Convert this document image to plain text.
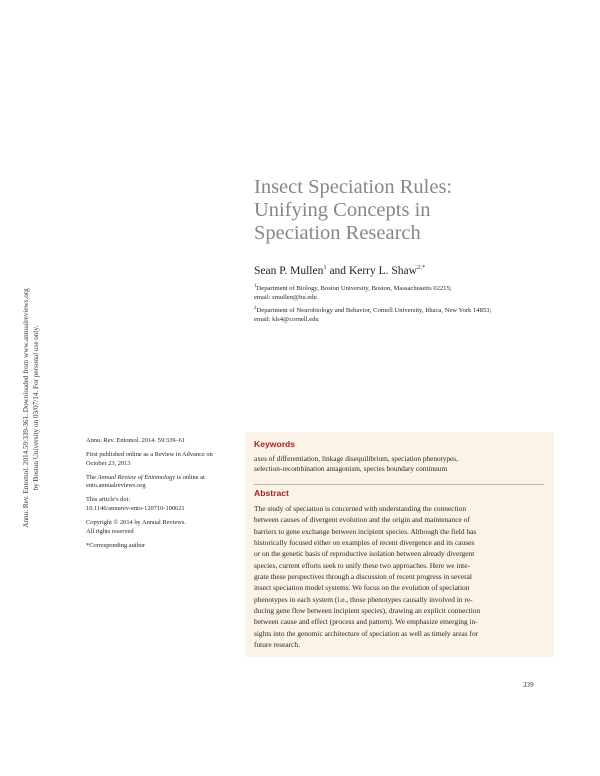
Annu. Rev. Entomol. 2014.59:339-361. Downloaded from www.annualreviews.org by Boston University on 03/07/14. For personal use only.
Insect Speciation Rules:
Unifying Concepts in
Speciation Research
Sean P. Mullen$^1$ and Kerry L. Shaw$^{2,*}$
$^1$Department of Biology, Boston University, Boston, Massachusetts 02215;
email: smullen@bu.edu
$^2$Department of Neurobiology and Behavior, Cornell University, Ithaca, New York 14853;
email: kls4@cornell.edu

Annu. Rev. Entomol. 2014. 59:339–61

First published online as a Review in Advance on
October 23, 2013

The Annual Review of Entomology is online at
ento.annualreviews.org

This article's doi:
10.1146/annurev-ento-120710-100621

Copyright © 2014 by Annual Reviews.
All rights reserved

*Corresponding author

Keywords
axes of differentiation, linkage disequilibrium, speciation phenotypes,
selection-recombination antagonism, species boundary continuum
Abstract
The study of speciation is concerned with understanding the connection
between causes of divergent evolution and the origin and maintenance of
barriers to gene exchange between incipient species. Although the field has
historically focused either on examples of recent divergence and its causes
or on the genetic basis of reproductive isolation between already divergent
species, current efforts seek to unify these two approaches. Here we inte-
grate these perspectives through a discussion of recent progress in several
insect speciation model systems. We focus on the evolution of speciation
phenotypes in each system (i.e., those phenotypes causally involved in re-
ducing gene flow between incipient species), drawing an explicit connection
between cause and effect (process and pattern). We emphasize emerging in-
sights into the genomic architecture of speciation as well as timely areas for
future research.
339
